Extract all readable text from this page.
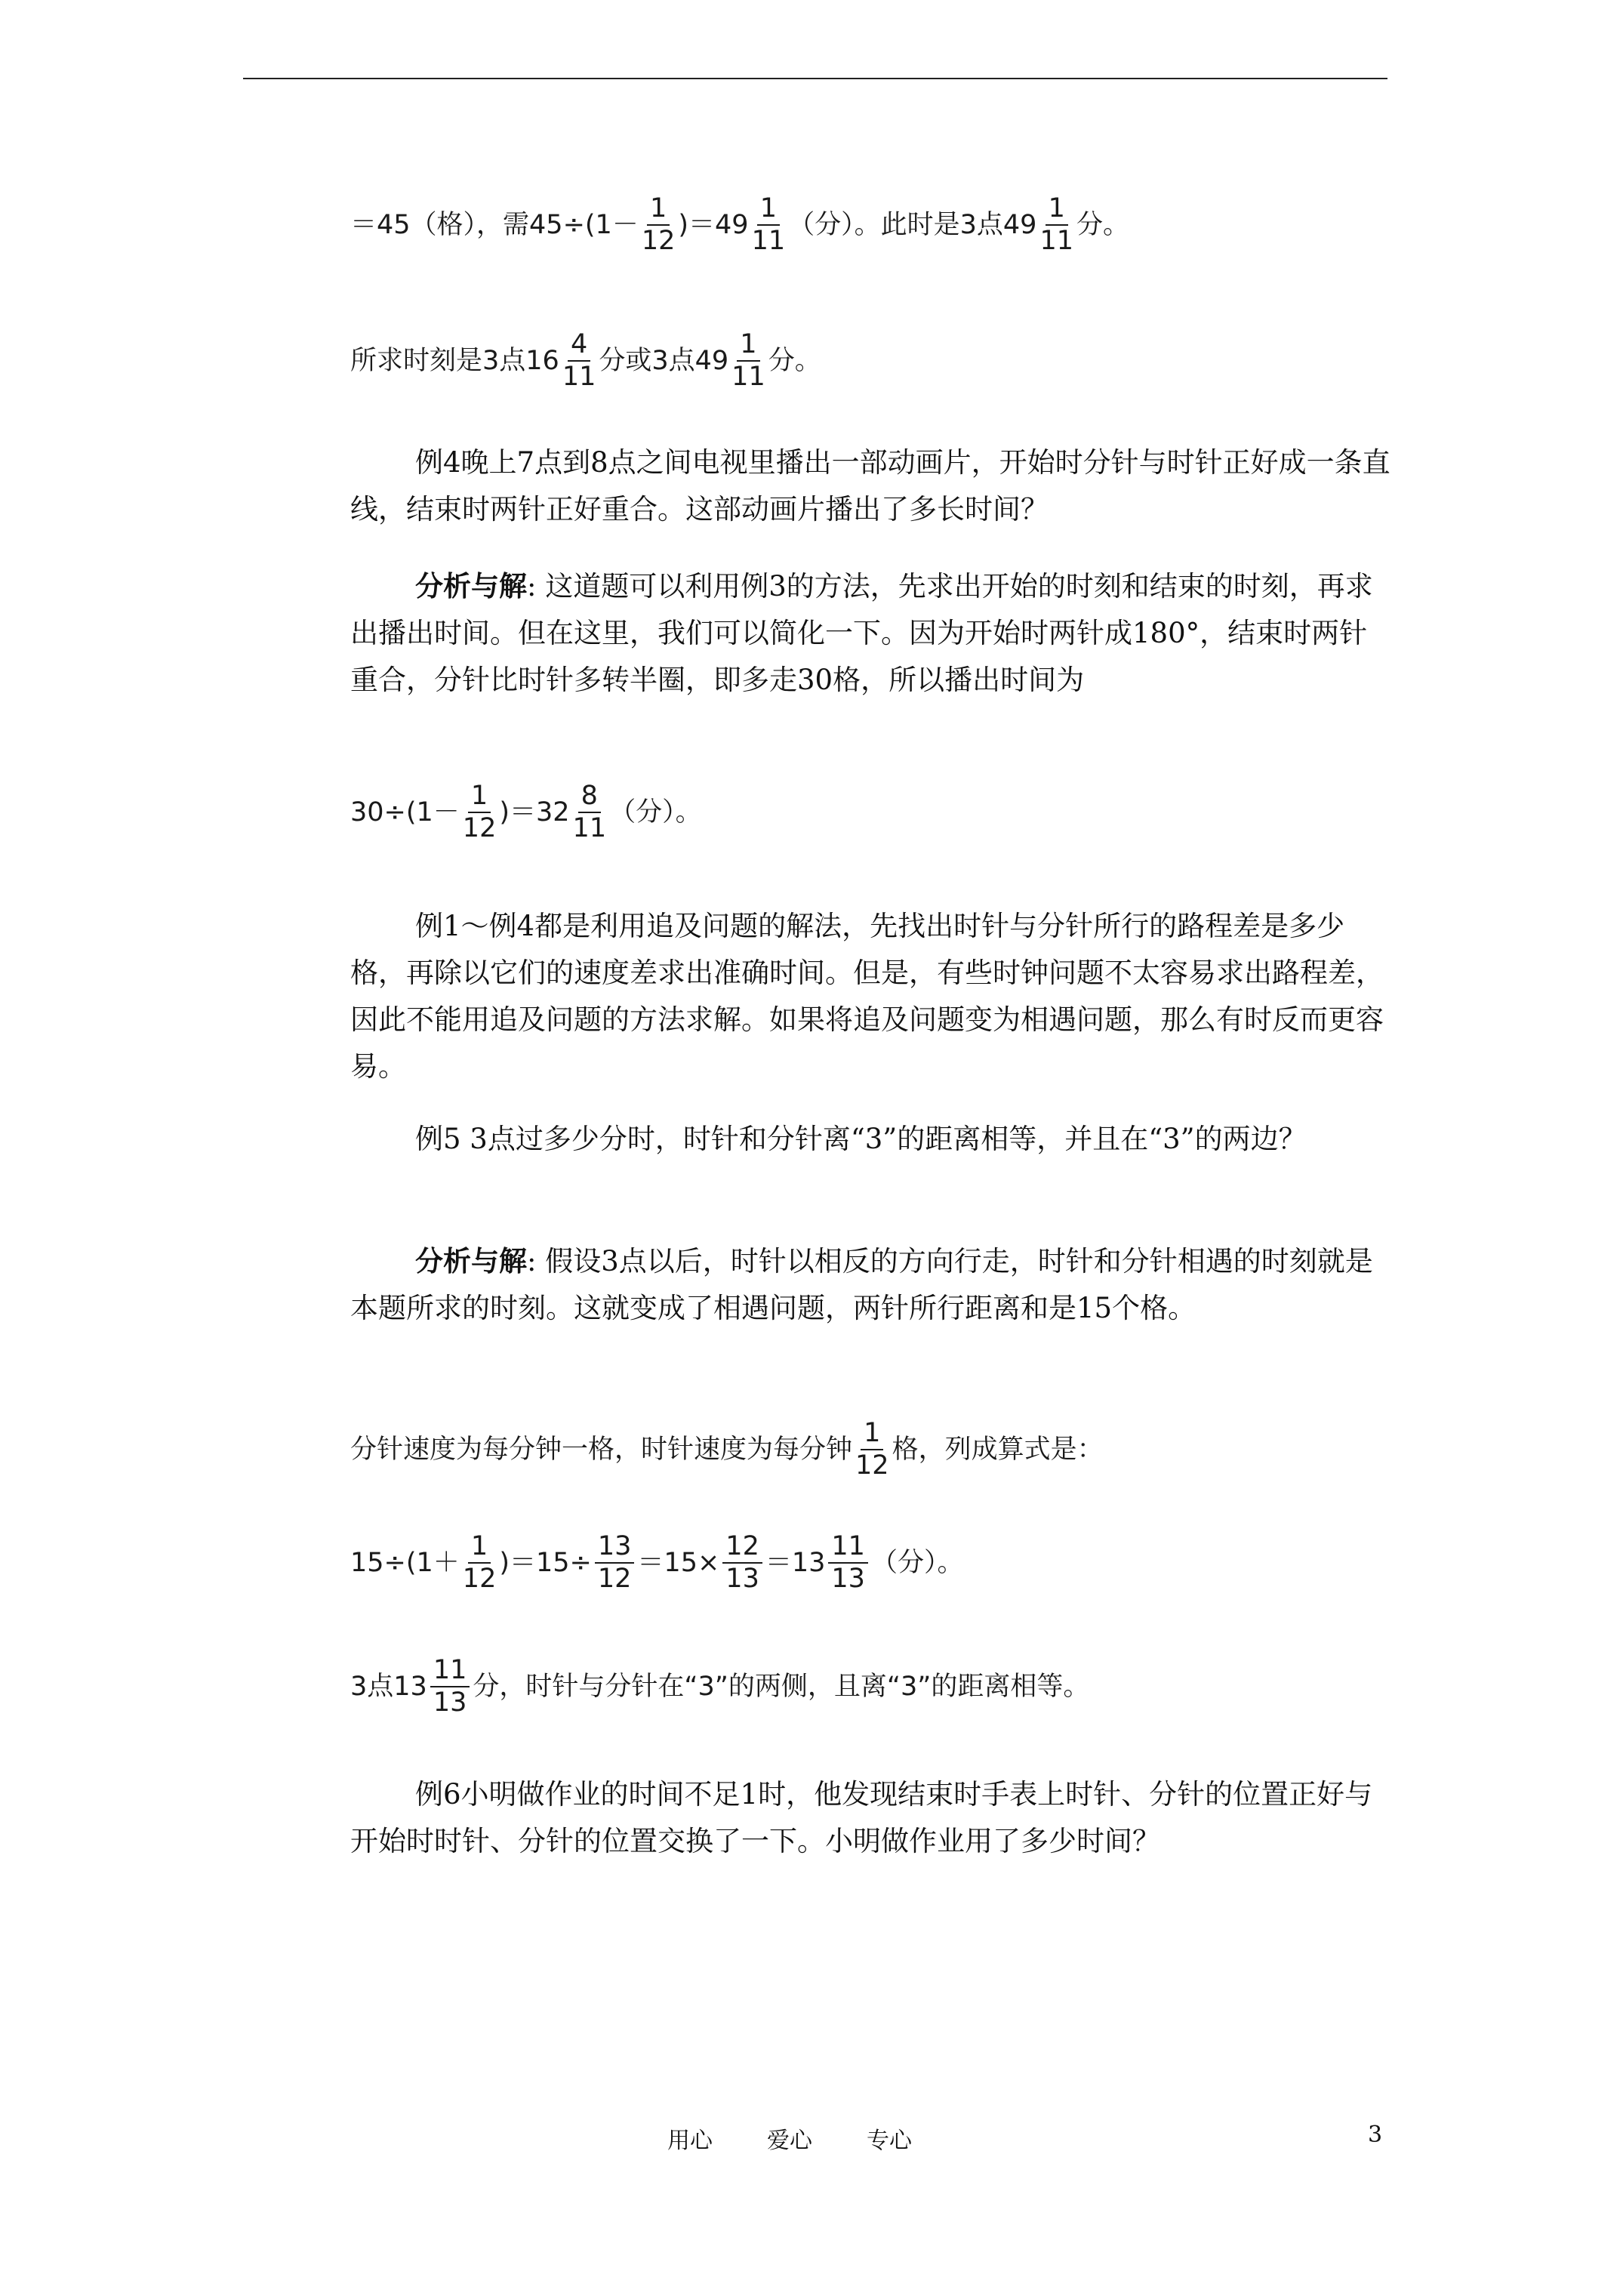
＝45（格），需$45\div(1- \frac{1}{12} )=49 \frac{1}{11}$ （分）。此时是3点$49 \frac{1}{11}$ 分。
所求时刻是3点$16 \frac{4}{11}$ 分或3点$49 \frac{1}{11}$ 分。
例4晚上7点到8点之间电视里播出一部动画片，开始时分针与时针正好成一条直线，结束时两针正好重合。这部动画片播出了多长时间？
分析与解: 这道题可以利用例3的方法，先求出开始的时刻和结束的时刻，再求出播出时间。但在这里，我们可以简化一下。因为开始时两针成180°，结束时两针重合，分针比时针多转半圈，即多走30格，所以播出时间为
$30\div(1- \frac{1}{12} )=32 \frac{8}{11}$ （分）。
例1～例4都是利用追及问题的解法，先找出时针与分针所行的路程差是多少格，再除以它们的速度差求出准确时间。但是，有些时钟问题不太容易求出路程差，因此不能用追及问题的方法求解。如果将追及问题变为相遇问题，那么有时反而更容易。
例5 3点过多少分时，时针和分针离“3”的距离相等，并且在“3”的两边？
分析与解: 假设3点以后，时针以相反的方向行走，时针和分针相遇的时刻就是本题所求的时刻。这就变成了相遇问题，两针所行距离和是15个格。
分针速度为每分钟一格，时针速度为每分钟 $\frac{1}{12}$ 格，列成算式是：
$15\div(1+ \frac{1}{12} )=15\div \frac{13}{12} =15\times \frac{12}{13} =13 \frac{11}{13}$ （分）。
3点$13 \frac{11}{13}$ 分，时针与分针在“3”的两侧，且离“3”的距离相等。
例6小明做作业的时间不足1时，他发现结束时手表上时针、分针的位置正好与开始时时针、分针的位置交换了一下。小明做作业用了多少时间？
用心 爱心 专心	3
